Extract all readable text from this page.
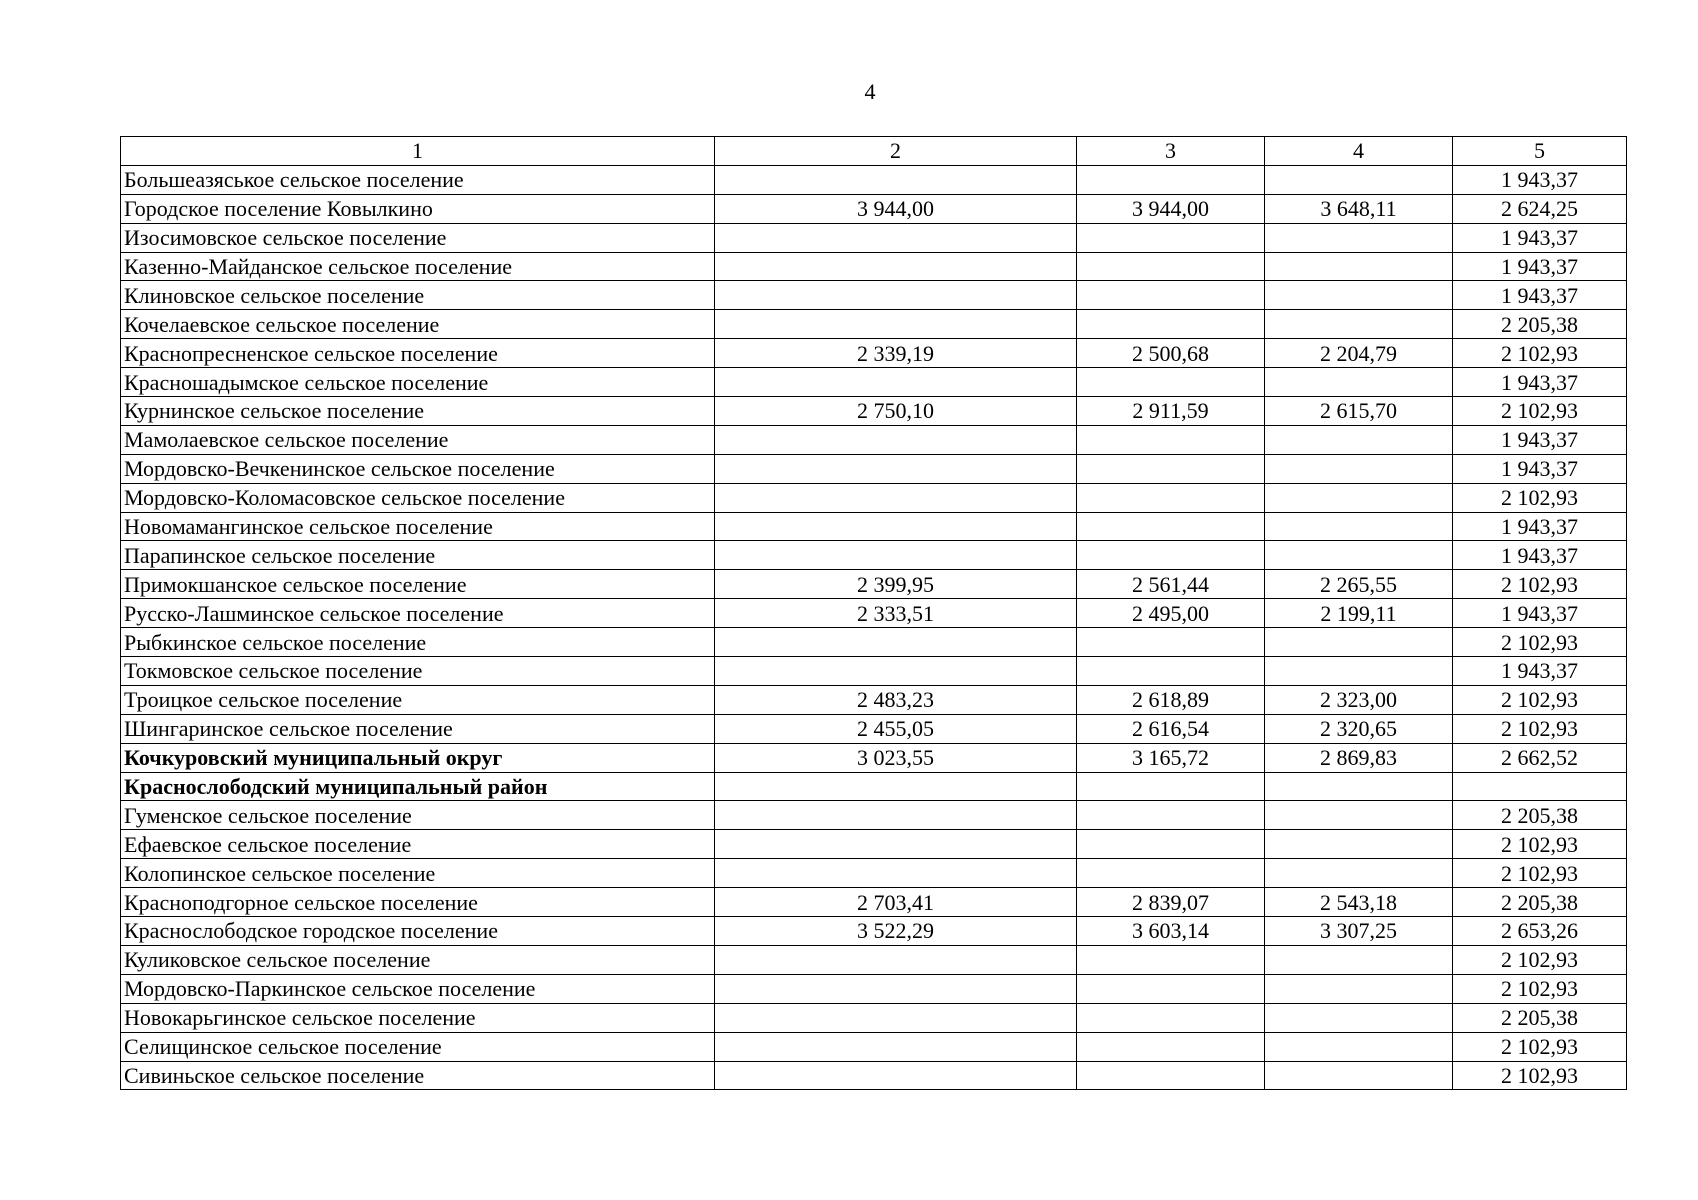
4
1	2	3	4	5
Большеазяськое сельское поселение				1 943,37
Городское поселение Ковылкино	3 944,00	3 944,00	3 648,11	2 624,25
Изосимовское сельское поселение				1 943,37
Казенно-Майданское сельское поселение				1 943,37
Клиновское сельское поселение				1 943,37
Кочелаевское сельское поселение				2 205,38
Краснопресненское сельское поселение	2 339,19	2 500,68	2 204,79	2 102,93
Красношадымское сельское поселение				1 943,37
Курнинское сельское поселение	2 750,10	2 911,59	2 615,70	2 102,93
Мамолаевское сельское поселение				1 943,37
Мордовско-Вечкенинское сельское поселение				1 943,37
Мордовско-Коломасовское сельское поселение				2 102,93
Новомамангинское сельское поселение				1 943,37
Парапинское сельское поселение				1 943,37
Примокшанское сельское поселение	2 399,95	2 561,44	2 265,55	2 102,93
Русско-Лашминское сельское поселение	2 333,51	2 495,00	2 199,11	1 943,37
Рыбкинское сельское поселение				2 102,93
Токмовское сельское поселение				1 943,37
Троицкое сельское поселение	2 483,23	2 618,89	2 323,00	2 102,93
Шингаринское сельское поселение	2 455,05	2 616,54	2 320,65	2 102,93
Кочкуровский муниципальный округ	3 023,55	3 165,72	2 869,83	2 662,52
Краснослободский муниципальный район				
Гуменское сельское поселение				2 205,38
Ефаевское сельское поселение				2 102,93
Колопинское сельское поселение				2 102,93
Красноподгорное сельское поселение	2 703,41	2 839,07	2 543,18	2 205,38
Краснослободское городское поселение	3 522,29	3 603,14	3 307,25	2 653,26
Куликовское сельское поселение				2 102,93
Мордовско-Паркинское сельское поселение				2 102,93
Новокарьгинское сельское поселение				2 205,38
Селищинское сельское поселение				2 102,93
Сивиньское сельское поселение				2 102,93
